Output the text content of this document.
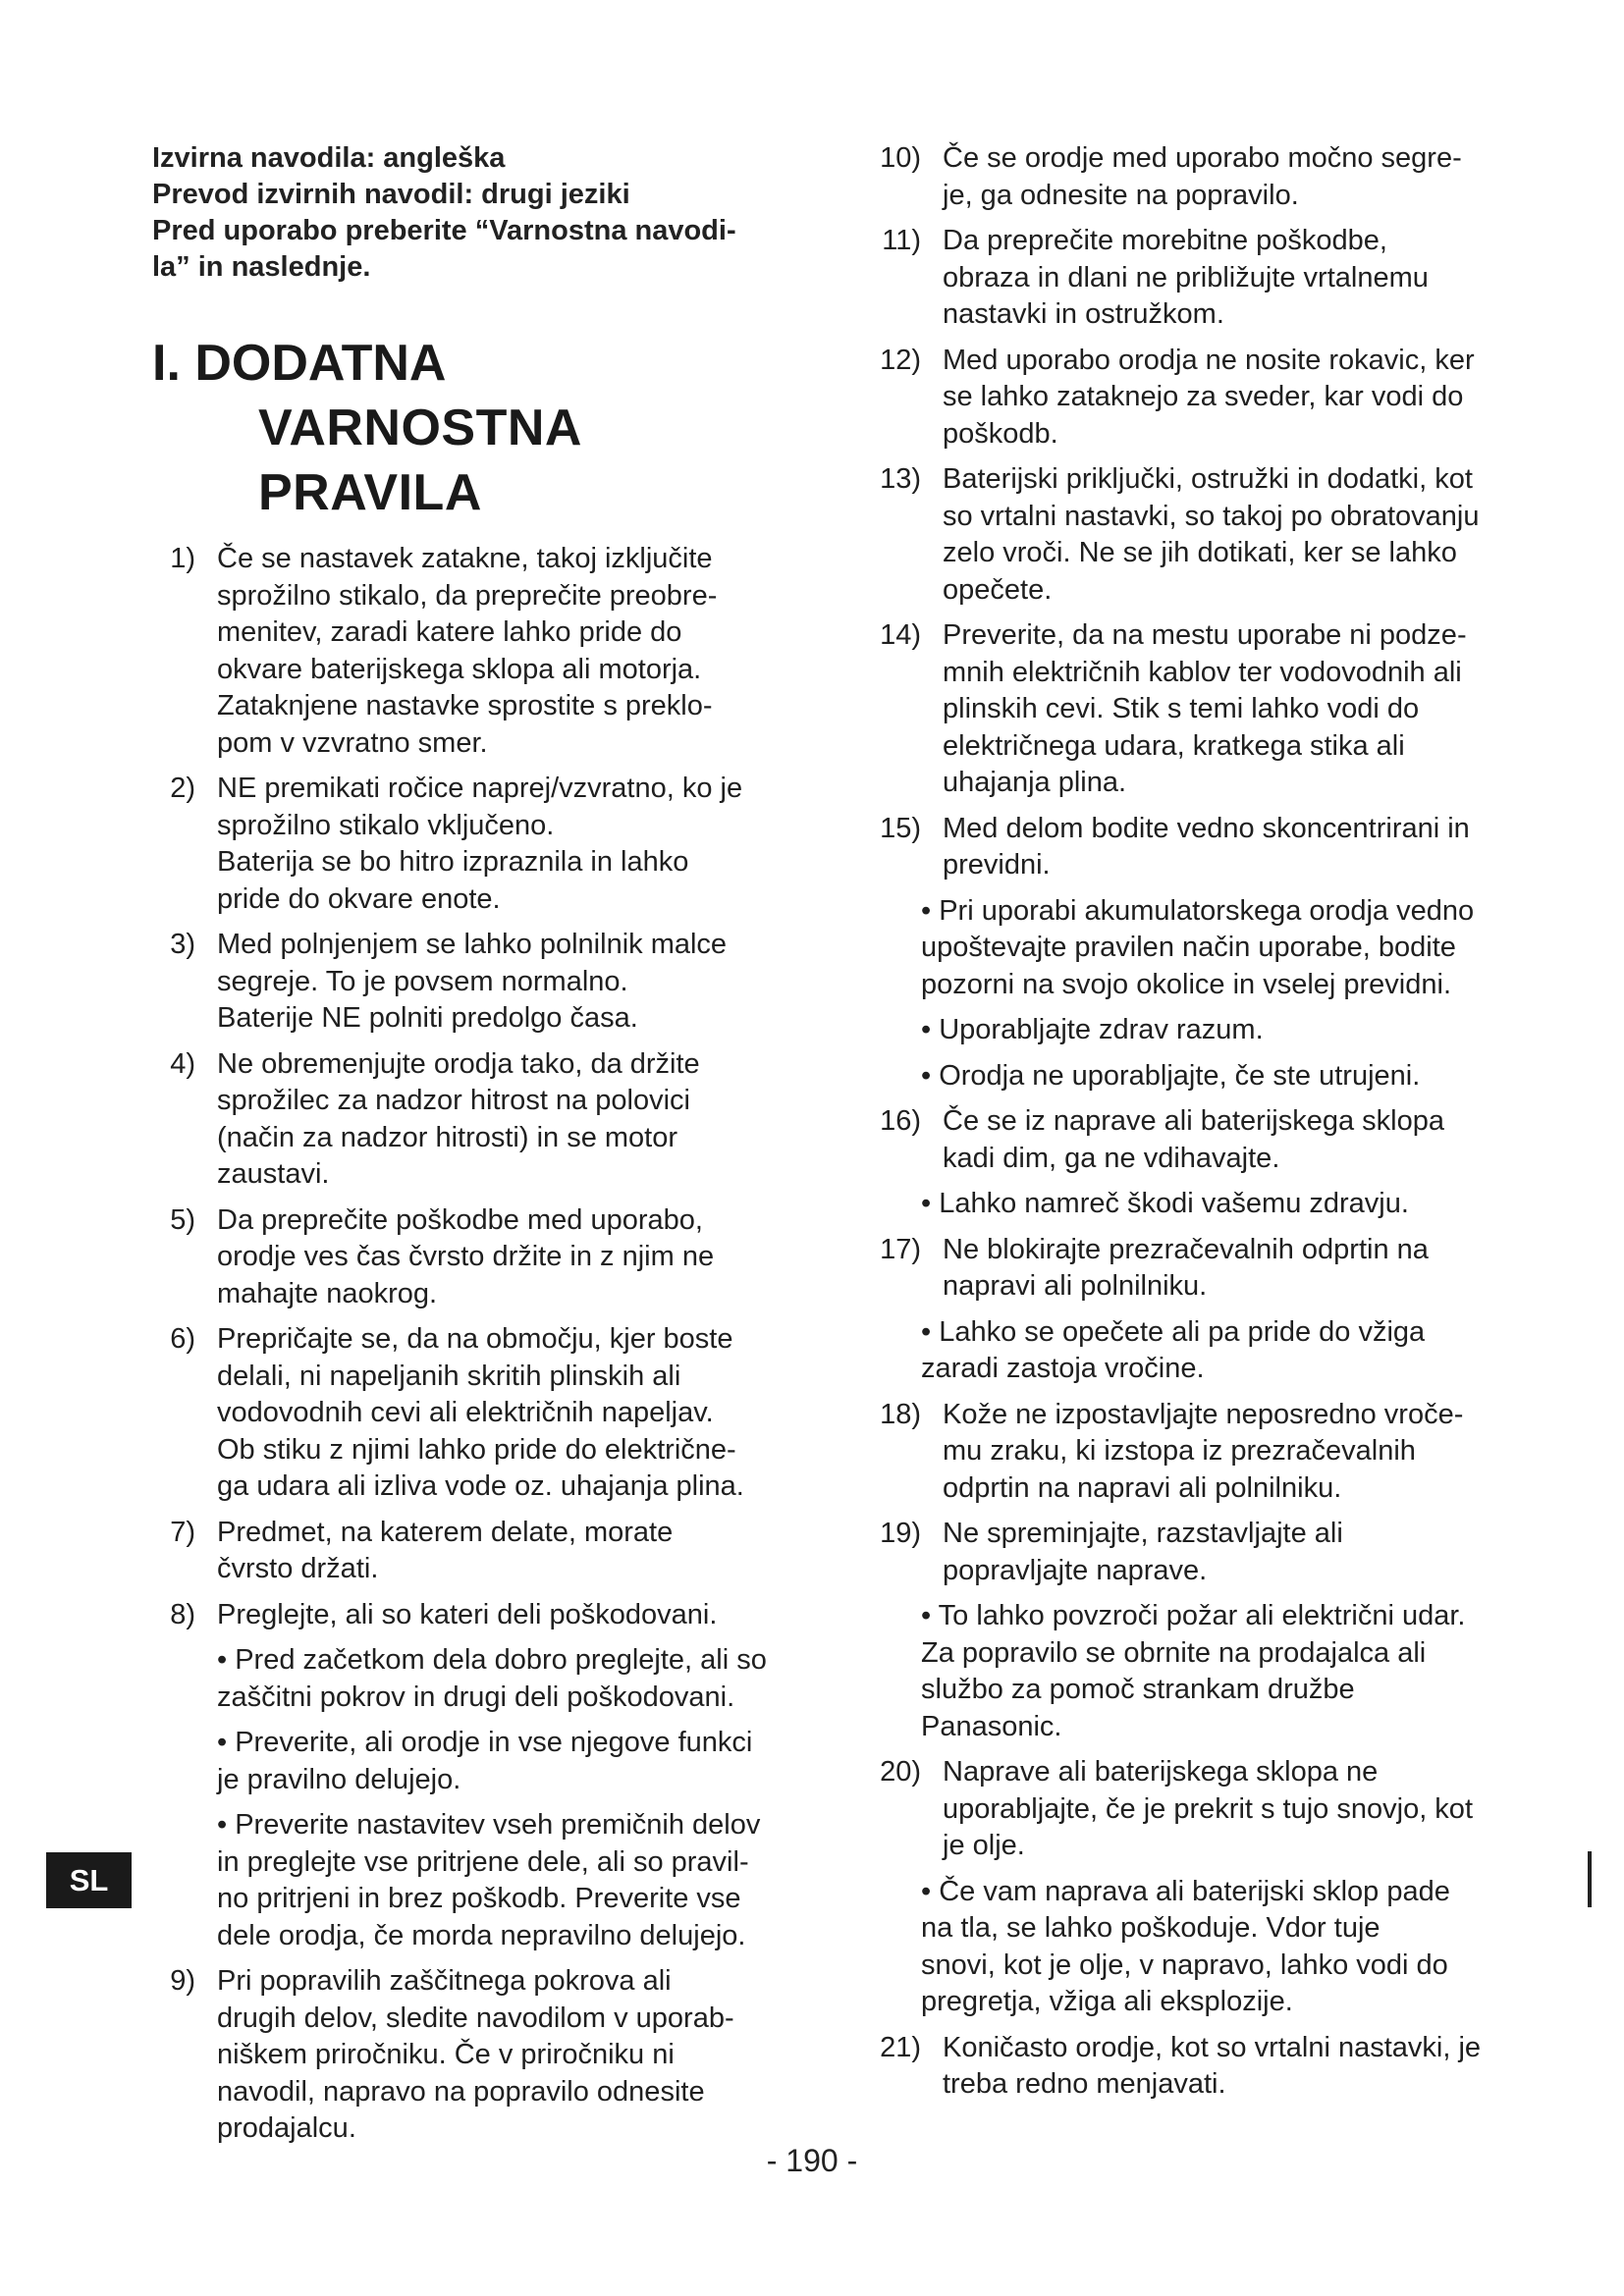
Izvirna navodila: angleška

Prevod izvirnih navodil: drugi jeziki

Pred uporabo preberite “Varnostna navodi-
la” in naslednje.

I. DODATNA
VARNOSTNA PRAVILA
1) Če se nastavek zatakne, takoj izključite
sprožilno stikalo, da preprečite preobre-
menitev, zaradi katere lahko pride do
okvare baterijskega sklopa ali motorja.
Zataknjene nastavke sprostite s preklo-
pom v vzvratno smer.
2) NE premikati ročice naprej/vzvratno, ko je
sprožilno stikalo vključeno.
Baterija se bo hitro izpraznila in lahko
pride do okvare enote.
3) Med polnjenjem se lahko polnilnik malce
segreje. To je povsem normalno.
Baterije NE polniti predolgo časa.
4) Ne obremenjujte orodja tako, da držite
sprožilec za nadzor hitrost na polovici
(način za nadzor hitrosti) in se motor
zaustavi.
5) Da preprečite poškodbe med uporabo,
orodje ves čas čvrsto držite in z njim ne
mahajte naokrog.
6) Prepričajte se, da na območju, kjer boste
delali, ni napeljanih skritih plinskih ali
vodovodnih cevi ali električnih napeljav.
Ob stiku z njimi lahko pride do električne-
ga udara ali izliva vode oz. uhajanja plina.
7) Predmet, na katerem delate, morate
čvrsto držati.
8) Preglejte, ali so kateri deli poškodovani.
• Pred začetkom dela dobro preglejte, ali so
zaščitni pokrov in drugi deli poškodovani.
• Preverite, ali orodje in vse njegove funkci
je pravilno delujejo.
• Preverite nastavitev vseh premičnih delov
in preglejte vse pritrjene dele, ali so pravil-
no pritrjeni in brez poškodb. Preverite vse
dele orodja, če morda nepravilno delujejo.
9) Pri popravilih zaščitnega pokrova ali
drugih delov, sledite navodilom v uporab-
niškem priročniku. Če v priročniku ni
navodil, napravo na popravilo odnesite
prodajalcu.
10) Če se orodje med uporabo močno segre-
je, ga odnesite na popravilo.
11) Da preprečite morebitne poškodbe,
obraza in dlani ne približujte vrtalnemu
nastavki in ostružkom.
12) Med uporabo orodja ne nosite rokavic, ker
se lahko zataknejo za sveder, kar vodi do
poškodb.
13) Baterijski priključki, ostružki in dodatki, kot
so vrtalni nastavki, so takoj po obratovanju
zelo vroči. Ne se jih dotikati, ker se lahko
opečete.
14) Preverite, da na mestu uporabe ni podze-
mnih električnih kablov ter vodovodnih ali
plinskih cevi. Stik s temi lahko vodi do
električnega udara, kratkega stika ali
uhajanja plina.
15) Med delom bodite vedno skoncentrirani in
previdni.
• Pri uporabi akumulatorskega orodja vedno
upoštevajte pravilen način uporabe, bodite
pozorni na svojo okolice in vselej previdni.
• Uporabljajte zdrav razum.
• Orodja ne uporabljajte, če ste utrujeni.
16) Če se iz naprave ali baterijskega sklopa
kadi dim, ga ne vdihavajte.
• Lahko namreč škodi vašemu zdravju.
17) Ne blokirajte prezračevalnih odprtin na
napravi ali polnilniku.
• Lahko se opečete ali pa pride do vžiga
zaradi zastoja vročine.
18) Kože ne izpostavljajte neposredno vroče-
mu zraku, ki izstopa iz prezračevalnih
odprtin na napravi ali polnilniku.
19) Ne spreminjajte, razstavljajte ali
popravljajte naprave.
• To lahko povzroči požar ali električni udar.
Za popravilo se obrnite na prodajalca ali
službo za pomoč strankam družbe
Panasonic.
20) Naprave ali baterijskega sklopa ne
uporabljajte, če je prekrit s tujo snovjo, kot
je olje.
• Če vam naprava ali baterijski sklop pade
na tla, se lahko poškoduje. Vdor tuje
snovi, kot je olje, v napravo, lahko vodi do
pregretja, vžiga ali eksplozije.
21) Koničasto orodje, kot so vrtalni nastavki, je
treba redno menjavati.
SL
- 190 -
